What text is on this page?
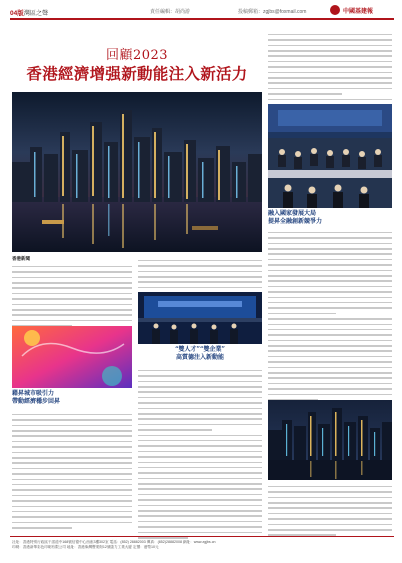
04版 灣區之聲	責任編輯：胡尚游	投稿郵箱：zgjbs@foxmail.com	中國基建報
回顧2023
香港經濟增强新動能注入新活力
融入國家發展大局
提昇全融創新競爭力
香港新聞
藉昇城市吸引力
帶動經濟穩步回昇
“雙人才”“雙企業”
高質德注入新動能
社址：香港特別行政區干諾道中168號信德中心西座3樓302室 電話：(852) 28882003 傳真：(852)28882008 網址：www.zgjbs.cn
印刷：香港新華彩色印刷有限公司 地址：香港柴灣豐業街12號啟力工業大廈 定價：港幣10元
